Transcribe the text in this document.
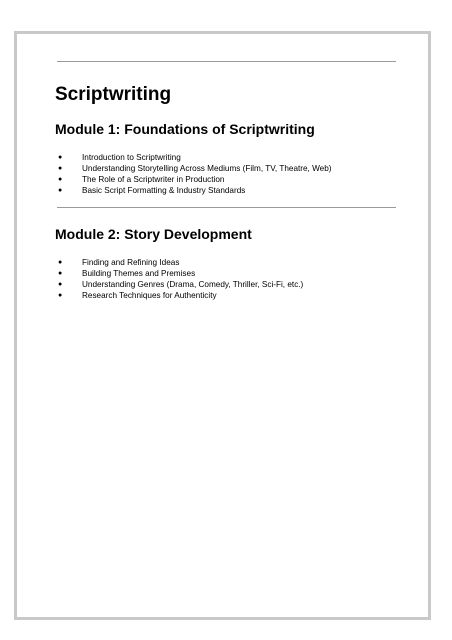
Scriptwriting
Module 1: Foundations of Scriptwriting
● Introduction to Scriptwriting
● Understanding Storytelling Across Mediums (Film, TV, Theatre, Web)
● The Role of a Scriptwriter in Production
● Basic Script Formatting & Industry Standards
Module 2: Story Development
● Finding and Refining Ideas
● Building Themes and Premises
● Understanding Genres (Drama, Comedy, Thriller, Sci-Fi, etc.)
● Research Techniques for Authenticity
